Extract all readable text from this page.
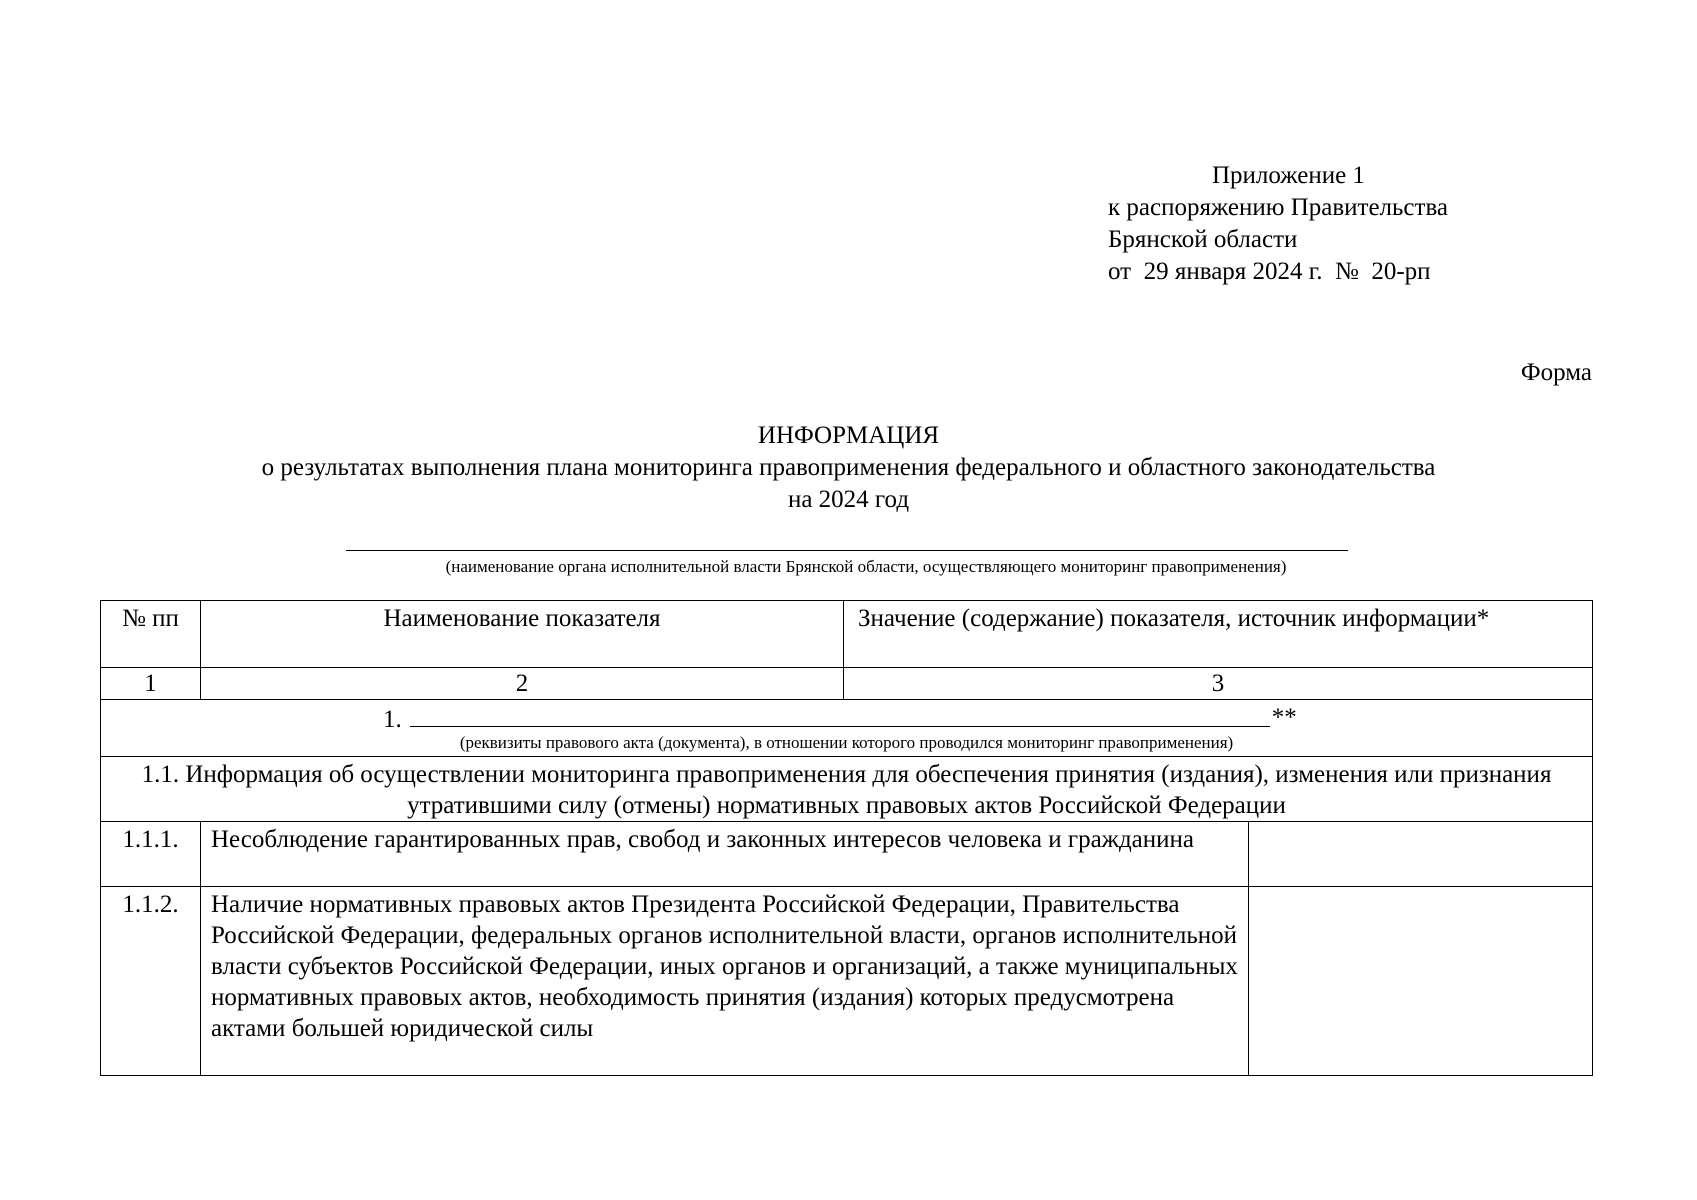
Приложение 1
к распоряжению Правительства
Брянской области
от  29 января 2024 г.  №  20-рп
Форма
ИНФОРМАЦИЯ
о результатах выполнения плана мониторинга правоприменения федерального и областного законодательства
на 2024 год
(наименование органа исполнительной власти Брянской области, осуществляющего мониторинг правоприменения)
№ пп	Наименование показателя	Значение (содержание) показателя, источник информации*	
1	2	3	

1. **
(реквизиты правового акта (документа), в отношении которого проводился мониторинг правоприменения)			

1.1. Информация об осуществлении мониторинга правоприменения для обеспечения принятия (издания), изменения или признания утратившими силу (отмены) нормативных правовых актов Российской Федерации			
1.1.1.	Несоблюдение гарантированных прав, свобод и законных интересов человека и гражданина		
1.1.2.	Наличие нормативных правовых актов Президента Российской Федерации, Правительства Российской Федерации, федеральных органов исполнительной власти, органов исполнительной власти субъектов Российской Федерации, иных органов и организаций, а также муниципальных нормативных правовых актов, необходимость принятия (издания) которых предусмотрена актами большей юридической силы		
